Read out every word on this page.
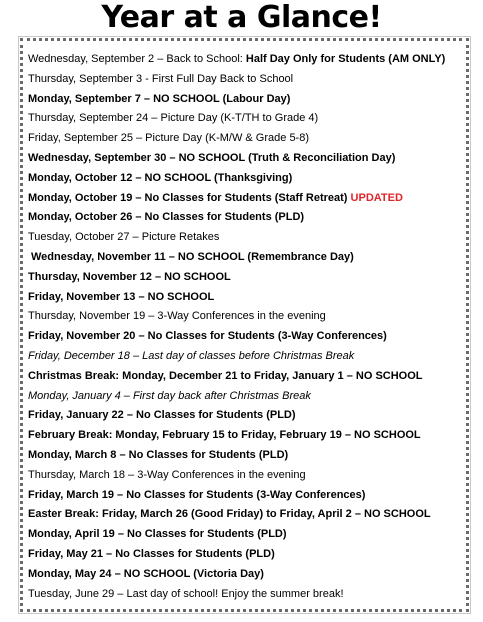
Year at a Glance!
Wednesday, September 2 – Back to School: Half Day Only for Students (AM ONLY)
Thursday, September 3 - First Full Day Back to School
Monday, September 7 – NO SCHOOL (Labour Day)
Thursday, September 24 – Picture Day (K-T/TH to Grade 4)
Friday, September 25 – Picture Day (K-M/W & Grade 5-8)
Wednesday, September 30 – NO SCHOOL (Truth & Reconciliation Day)
Monday, October 12 – NO SCHOOL (Thanksgiving)
Monday, October 19 – No Classes for Students (Staff Retreat) UPDATED
Monday, October 26 – No Classes for Students (PLD)
Tuesday, October 27 – Picture Retakes
Wednesday, November 11 – NO SCHOOL (Remembrance Day)
Thursday, November 12 – NO SCHOOL
Friday, November 13 – NO SCHOOL
Thursday, November 19 – 3-Way Conferences in the evening
Friday, November 20 – No Classes for Students (3-Way Conferences)
Friday, December 18 – Last day of classes before Christmas Break
Christmas Break: Monday, December 21 to Friday, January 1 – NO SCHOOL
Monday, January 4 – First day back after Christmas Break
Friday, January 22 – No Classes for Students (PLD)
February Break: Monday, February 15 to Friday, February 19 – NO SCHOOL
Monday, March 8 – No Classes for Students (PLD)
Thursday, March 18 – 3-Way Conferences in the evening
Friday, March 19 – No Classes for Students (3-Way Conferences)
Easter Break: Friday, March 26 (Good Friday) to Friday, April 2 – NO SCHOOL
Monday, April 19 – No Classes for Students (PLD)
Friday, May 21 – No Classes for Students (PLD)
Monday, May 24 – NO SCHOOL (Victoria Day)
Tuesday, June 29 – Last day of school! Enjoy the summer break!
